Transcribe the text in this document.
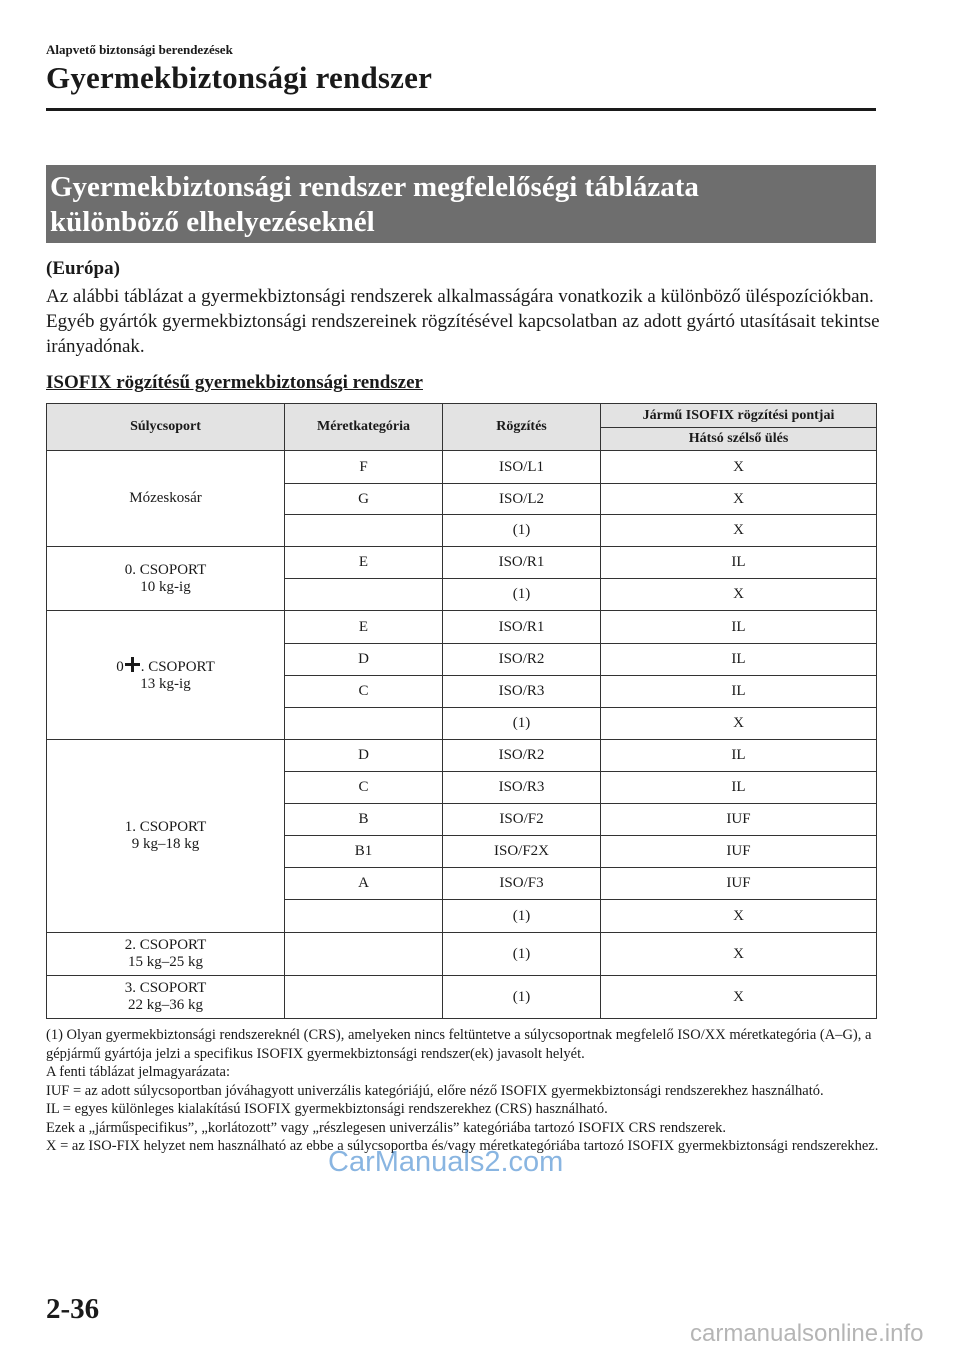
Alapvető biztonsági berendezések
Gyermekbiztonsági rendszer
Gyermekbiztonsági rendszer megfelelőségi táblázata
különböző elhelyezéseknél
(Európa)
Az alábbi táblázat a gyermekbiztonsági rendszerek alkalmasságára vonatkozik a különböző üléspozíciókban. Egyéb gyártók gyermekbiztonsági rendszereinek rögzítésével kapcsolatban az adott gyártó utasításait tekintse irányadónak.
ISOFIX rögzítésű gyermekbiztonsági rendszer
Súlycsoport	Méretkategória	Rögzítés	Jármű ISOFIX rögzítési pontjai
			Hátsó szélső ülés
Mózeskosár	F	ISO/L1	X
	G	ISO/L2	X
		(1)	X

0. CSOPORT
10 kg-ig	E	ISO/R1	IL
		(1)	X

0 . CSOPORT
13 kg-ig	E	ISO/R1	IL
	D	ISO/R2	IL
	C	ISO/R3	IL
		(1)	X

1. CSOPORT
9 kg–18 kg	D	ISO/R2	IL
	C	ISO/R3	IL
	B	ISO/F2	IUF
	B1	ISO/F2X	IUF
	A	ISO/F3	IUF
		(1)	X

2. CSOPORT
15 kg–25 kg		(1)	X

3. CSOPORT
22 kg–36 kg		(1)	X

(1) Olyan gyermekbiztonsági rendszereknél (CRS), amelyeken nincs feltüntetve a súlycsoportnak megfelelő ISO/XX méretkategória (A–G), a gépjármű gyártója jelzi a specifikus ISOFIX gyermekbiztonsági rendszer(ek) javasolt helyét.

A fenti táblázat jelmagyarázata:

IUF = az adott súlycsoportban jóváhagyott univerzális kategóriájú, előre néző ISOFIX gyermekbiztonsági rendszerekhez használható.

IL = egyes különleges kialakítású ISOFIX gyermekbiztonsági rendszerekhez (CRS) használható.

Ezek a „járműspecifikus”, „korlátozott” vagy „részlegesen univerzális” kategóriába tartozó ISOFIX CRS rendszerek.

X = az ISO-FIX helyzet nem használható az ebbe a súlycsoportba és/vagy méretkategóriába tartozó ISOFIX gyermekbiztonsági rendszerekhez.

2-36
CarManuals2.com
carmanualsonline.info
